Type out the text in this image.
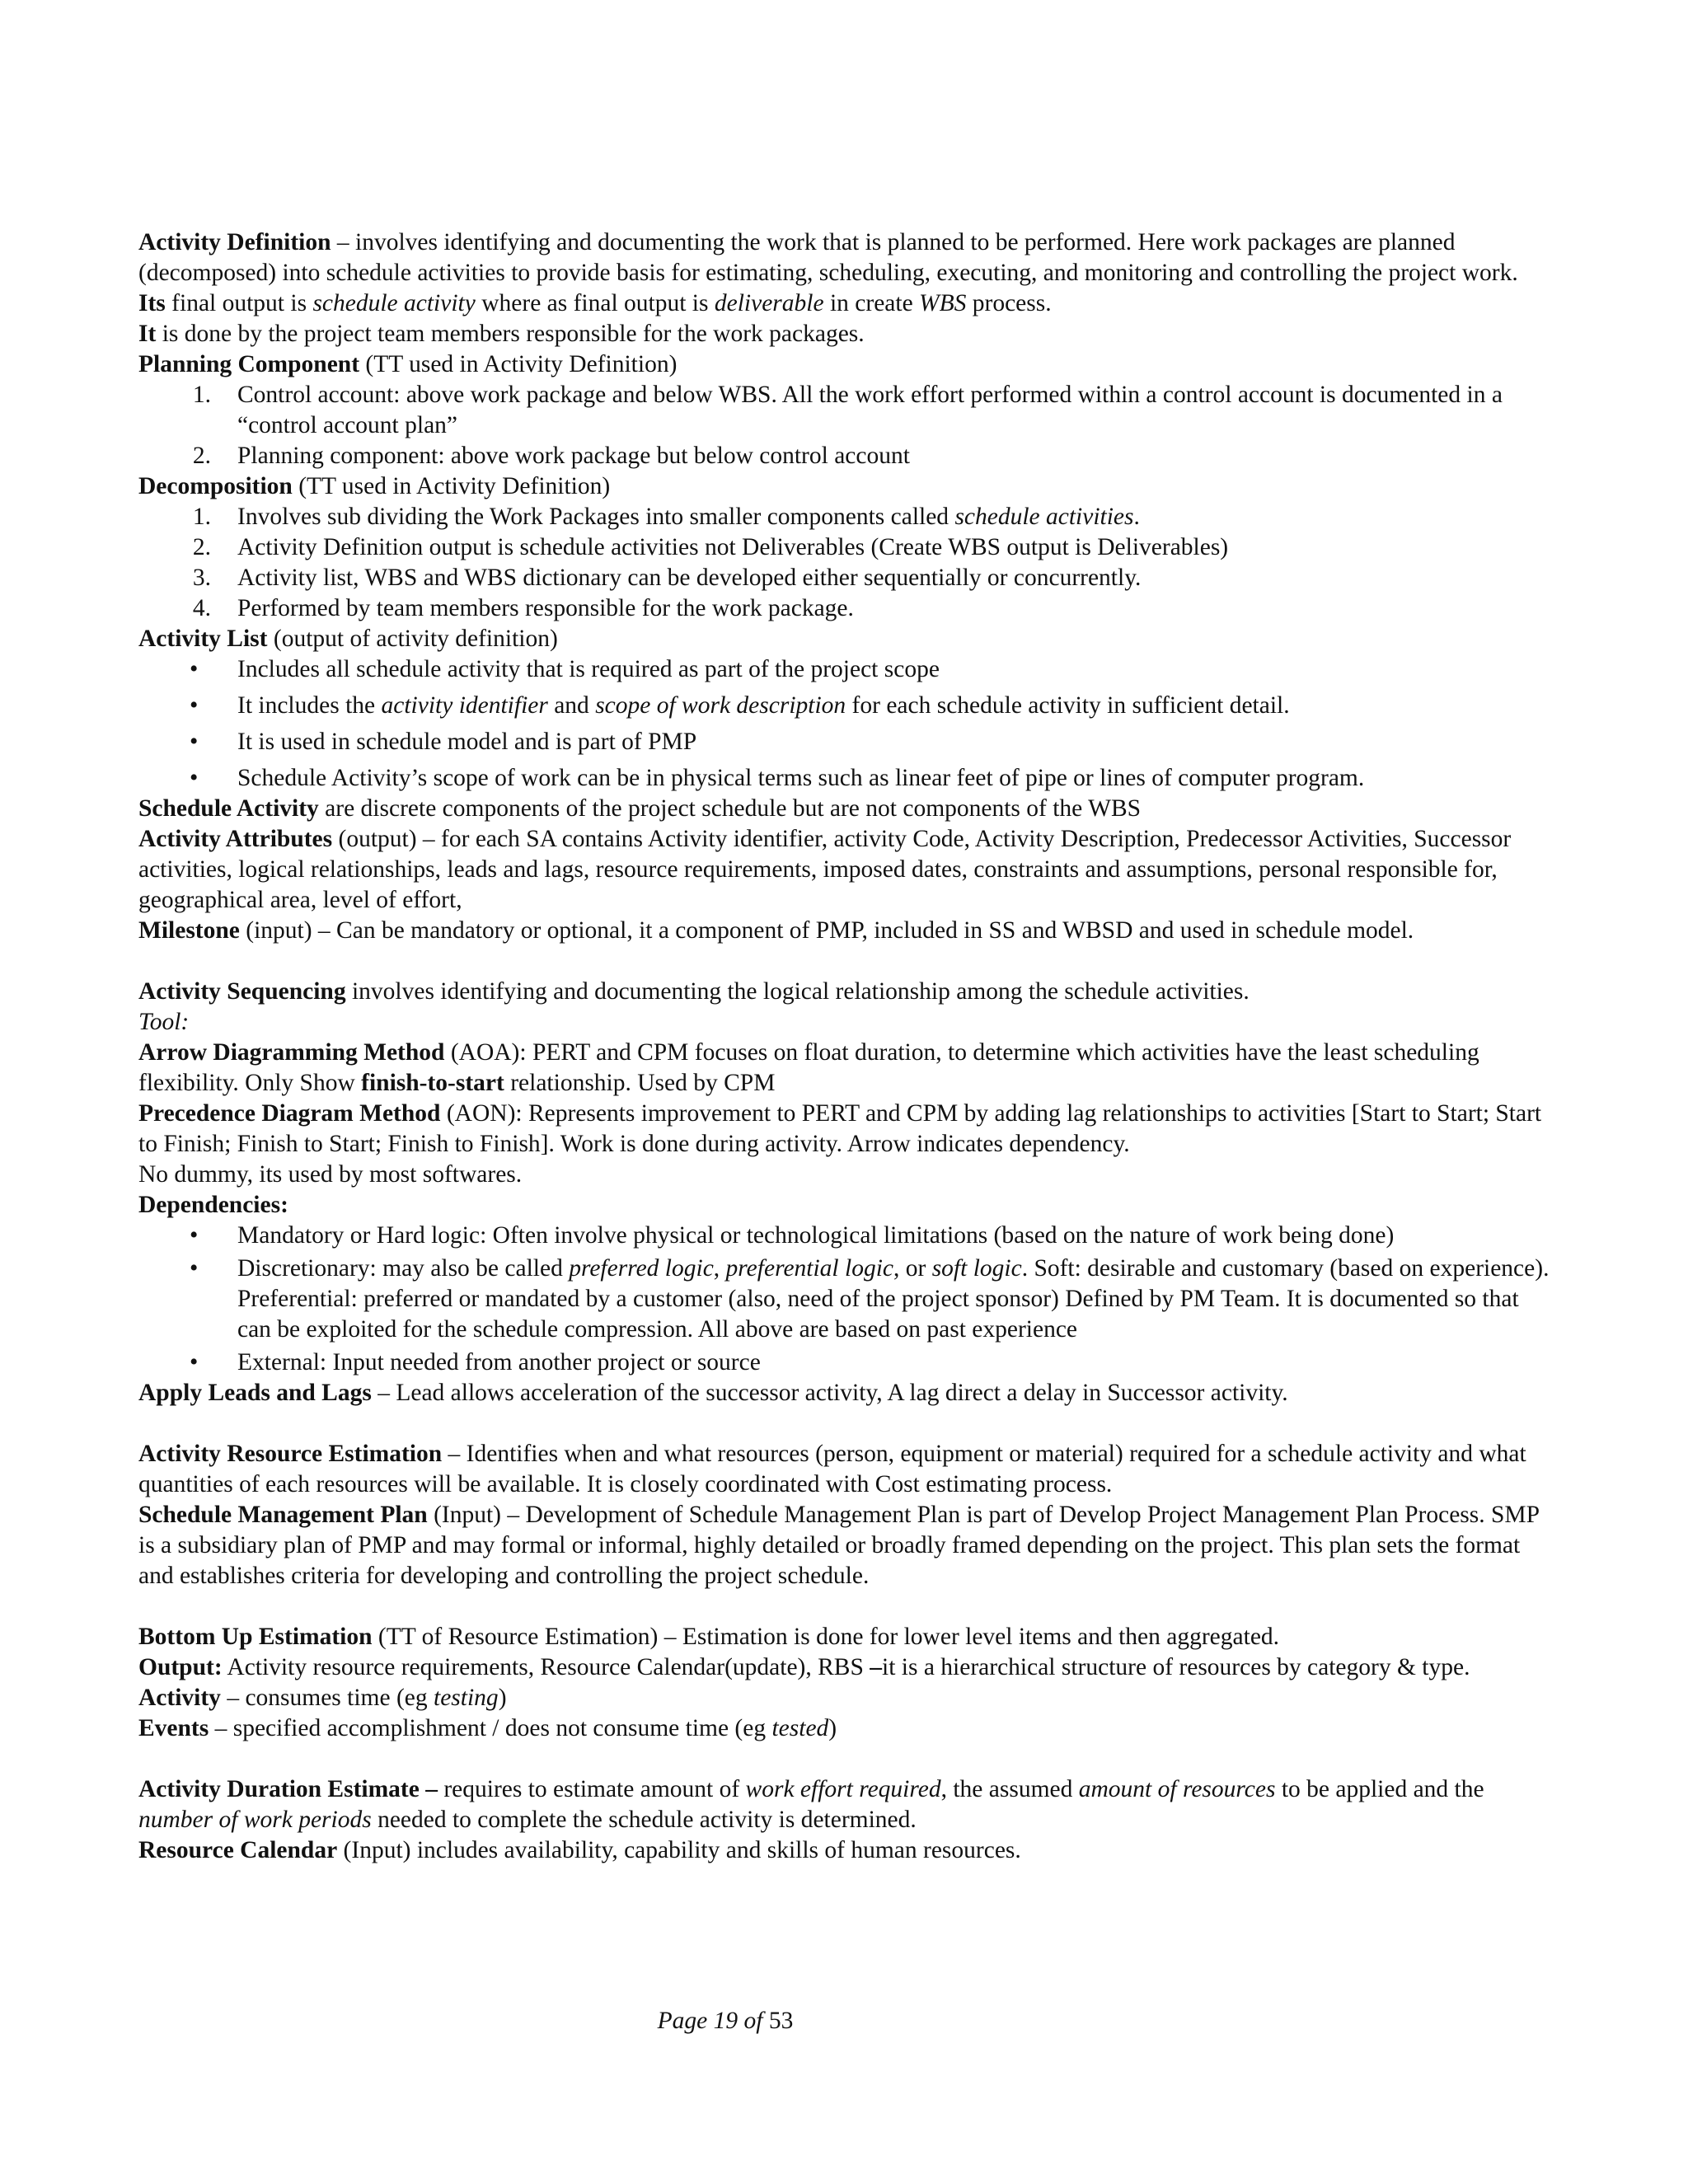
Activity Definition – involves identifying and documenting the work that is planned to be performed. Here work packages are planned (decomposed) into schedule activities to provide basis for estimating, scheduling, executing, and monitoring and controlling the project work.

Its final output is schedule activity where as final output is deliverable in create WBS process.

It is done by the project team members responsible for the work packages.

Planning Component (TT used in Activity Definition)

1. Control account: above work package and below WBS. All the work effort performed within a control account is documented in a “control account plan”
2. Planning component: above work package but below control account

Decomposition (TT used in Activity Definition)

1. Involves sub dividing the Work Packages into smaller components called schedule activities.
2. Activity Definition output is schedule activities not Deliverables (Create WBS output is Deliverables)
3. Activity list, WBS and WBS dictionary can be developed either sequentially or concurrently.
4. Performed by team members responsible for the work package.

Activity List (output of activity definition)

• Includes all schedule activity that is required as part of the project scope
• It includes the activity identifier and scope of work description for each schedule activity in sufficient detail.
• It is used in schedule model and is part of PMP
• Schedule Activity’s scope of work can be in physical terms such as linear feet of pipe or lines of computer program.

Schedule Activity are discrete components of the project schedule but are not components of the WBS

Activity Attributes (output) – for each SA contains Activity identifier, activity Code, Activity Description, Predecessor Activities, Successor activities, logical relationships, leads and lags, resource requirements, imposed dates, constraints and assumptions, personal responsible for, geographical area, level of effort,

Milestone (input) – Can be mandatory or optional, it a component of PMP, included in SS and WBSD and used in schedule model.

Activity Sequencing involves identifying and documenting the logical relationship among the schedule activities.

Tool:

Arrow Diagramming Method (AOA): PERT and CPM focuses on float duration, to determine which activities have the least scheduling flexibility. Only Show finish-to-start relationship. Used by CPM

Precedence Diagram Method (AON): Represents improvement to PERT and CPM by adding lag relationships to activities [Start to Start; Start to Finish; Finish to Start; Finish to Finish]. Work is done during activity. Arrow indicates dependency.

No dummy, its used by most softwares.

Dependencies:

• Mandatory or Hard logic: Often involve physical or technological limitations (based on the nature of work being done)
• Discretionary: may also be called preferred logic, preferential logic, or soft logic. Soft: desirable and customary (based on experience). Preferential: preferred or mandated by a customer (also, need of the project sponsor) Defined by PM Team. It is documented so that can be exploited for the schedule compression. All above are based on past experience
• External: Input needed from another project or source

Apply Leads and Lags – Lead allows acceleration of the successor activity, A lag direct a delay in Successor activity.

Activity Resource Estimation – Identifies when and what resources (person, equipment or material) required for a schedule activity and what quantities of each resources will be available. It is closely coordinated with Cost estimating process.

Schedule Management Plan (Input) – Development of Schedule Management Plan is part of Develop Project Management Plan Process. SMP is a subsidiary plan of PMP and may formal or informal, highly detailed or broadly framed depending on the project. This plan sets the format and establishes criteria for developing and controlling the project schedule.

Bottom Up Estimation (TT of Resource Estimation) – Estimation is done for lower level items and then aggregated.

Output: Activity resource requirements, Resource Calendar(update), RBS –it is a hierarchical structure of resources by category & type.

Activity – consumes time (eg testing)

Events – specified accomplishment / does not consume time (eg tested)

Activity Duration Estimate – requires to estimate amount of work effort required, the assumed amount of resources to be applied and the number of work periods needed to complete the schedule activity is determined.

Resource Calendar (Input) includes availability, capability and skills of human resources.

Page 19 of 53
